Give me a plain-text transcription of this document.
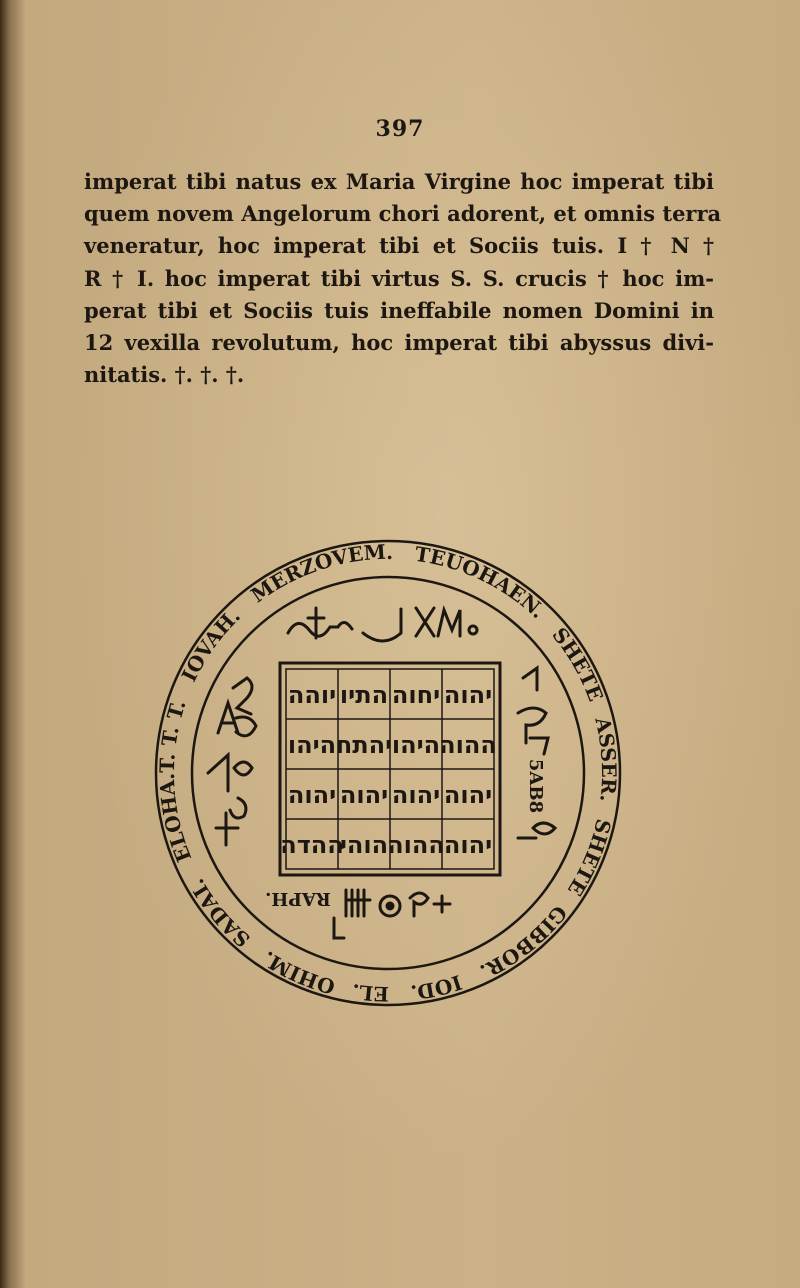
397
imperat tibi natus ex Maria Virgine hoc imperat tibi
quem novem Angelorum chori adorent, et omnis terra
veneratur, hoc imperat tibi et Sociis tuis. I † N †
R † I. hoc imperat tibi virtus S. S. crucis † hoc im-
perat tibi et Sociis tuis ineffabile nomen Domini in
12 vexilla revolutum, hoc imperat tibi abyssus divi-
nitatis. †. †. †.
T. T. T. IOVAH. MERZOVEM. TEUOHAEN. SHETE ASSER. SHETE GIBBOR. IOD. EL. OHIM. SADAI. ELOHA.
יוהה התיו יחוה יהוה
היהו יהתח היהו ההוה
יהוה יהוה יהוה יהוה
ההדה
הוהי ההוה יהוה
5AB8
RAPH.
